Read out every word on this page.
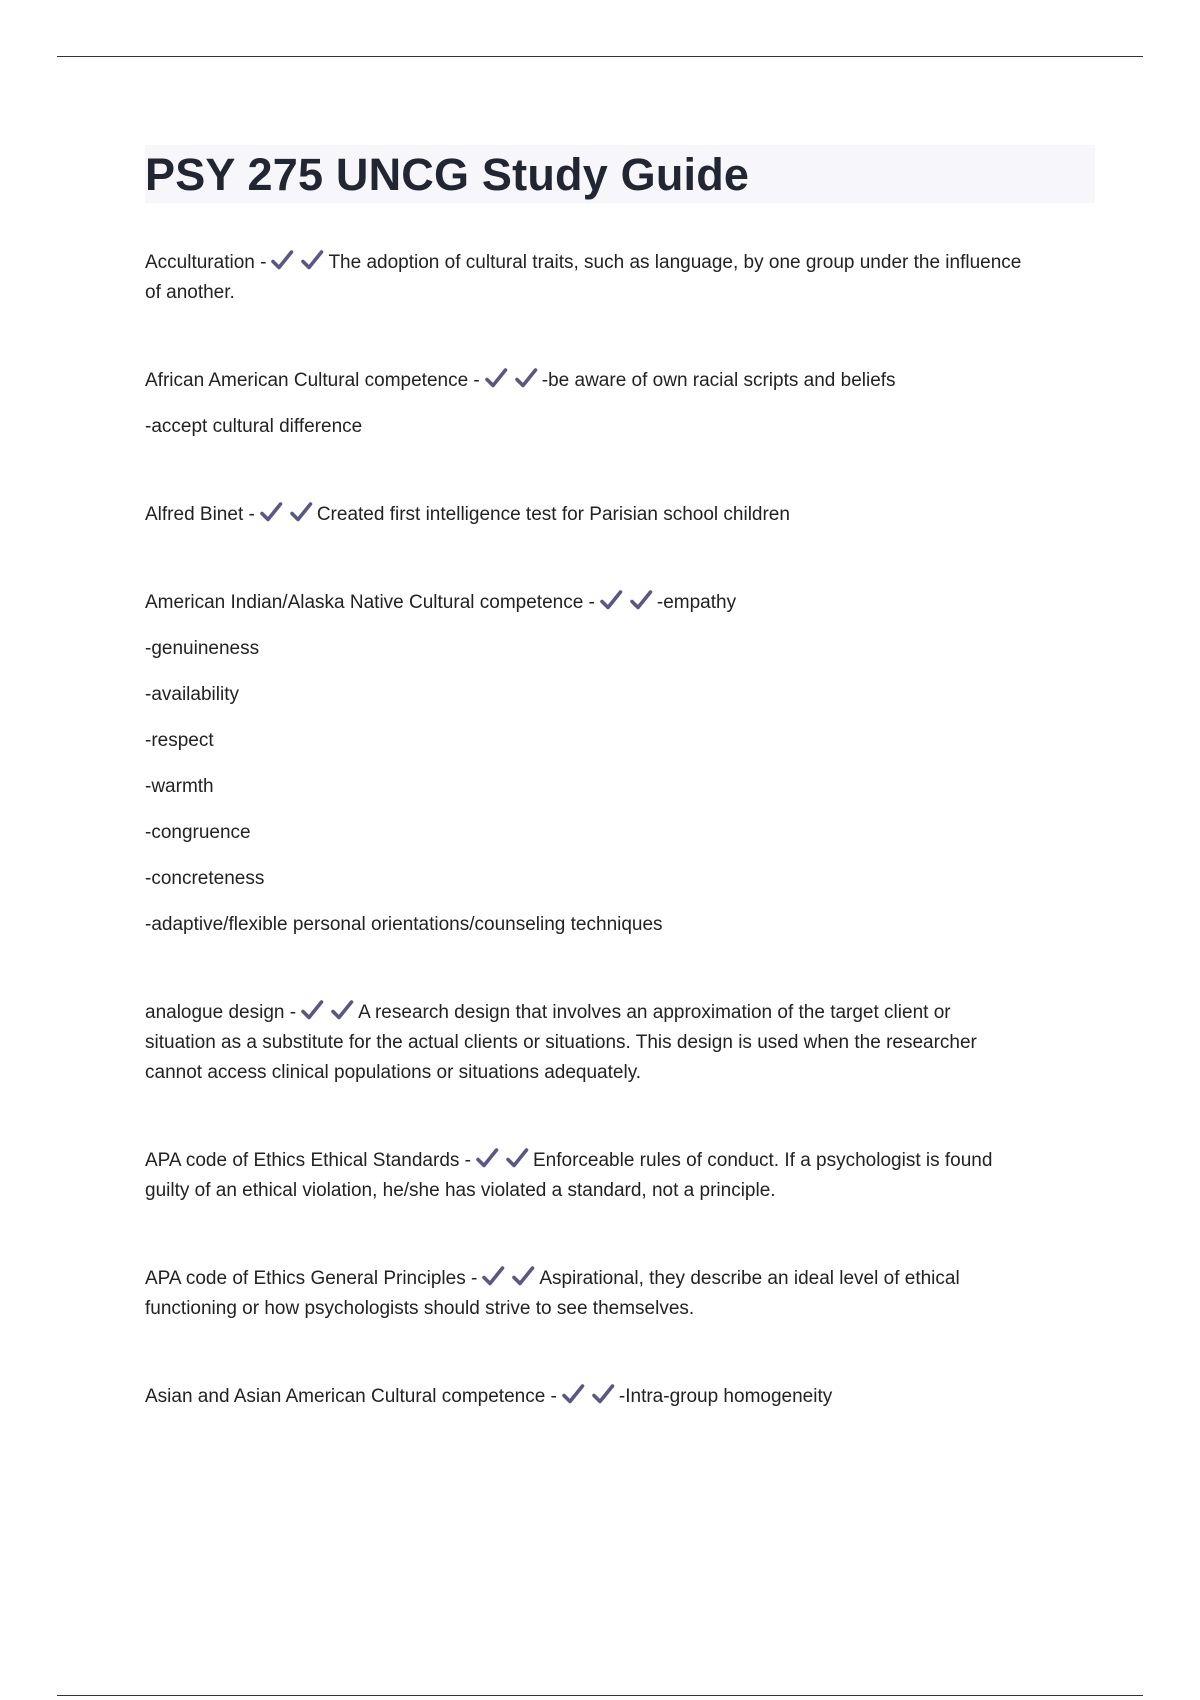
PSY 275 UNCG Study Guide

Acculturation -	The adoption of cultural traits, such as language, by one group under the influence

of another.

African American Cultural competence -	-be aware of own racial scripts and beliefs

-accept cultural difference

Alfred Binet -	Created first intelligence test for Parisian school children

American Indian/Alaska Native Cultural competence -	-empathy

-genuineness

-availability

-respect

-warmth

-congruence

-concreteness

-adaptive/flexible personal orientations/counseling techniques

analogue design -	A research design that involves an approximation of the target client or

situation as a substitute for the actual clients or situations. This design is used when the researcher

cannot access clinical populations or situations adequately.

APA code of Ethics Ethical Standards -	Enforceable rules of conduct. If a psychologist is found

guilty of an ethical violation, he/she has violated a standard, not a principle.

APA code of Ethics General Principles -	Aspirational, they describe an ideal level of ethical

functioning or how psychologists should strive to see themselves.

Asian and Asian American Cultural competence -	-Intra-group homogeneity
